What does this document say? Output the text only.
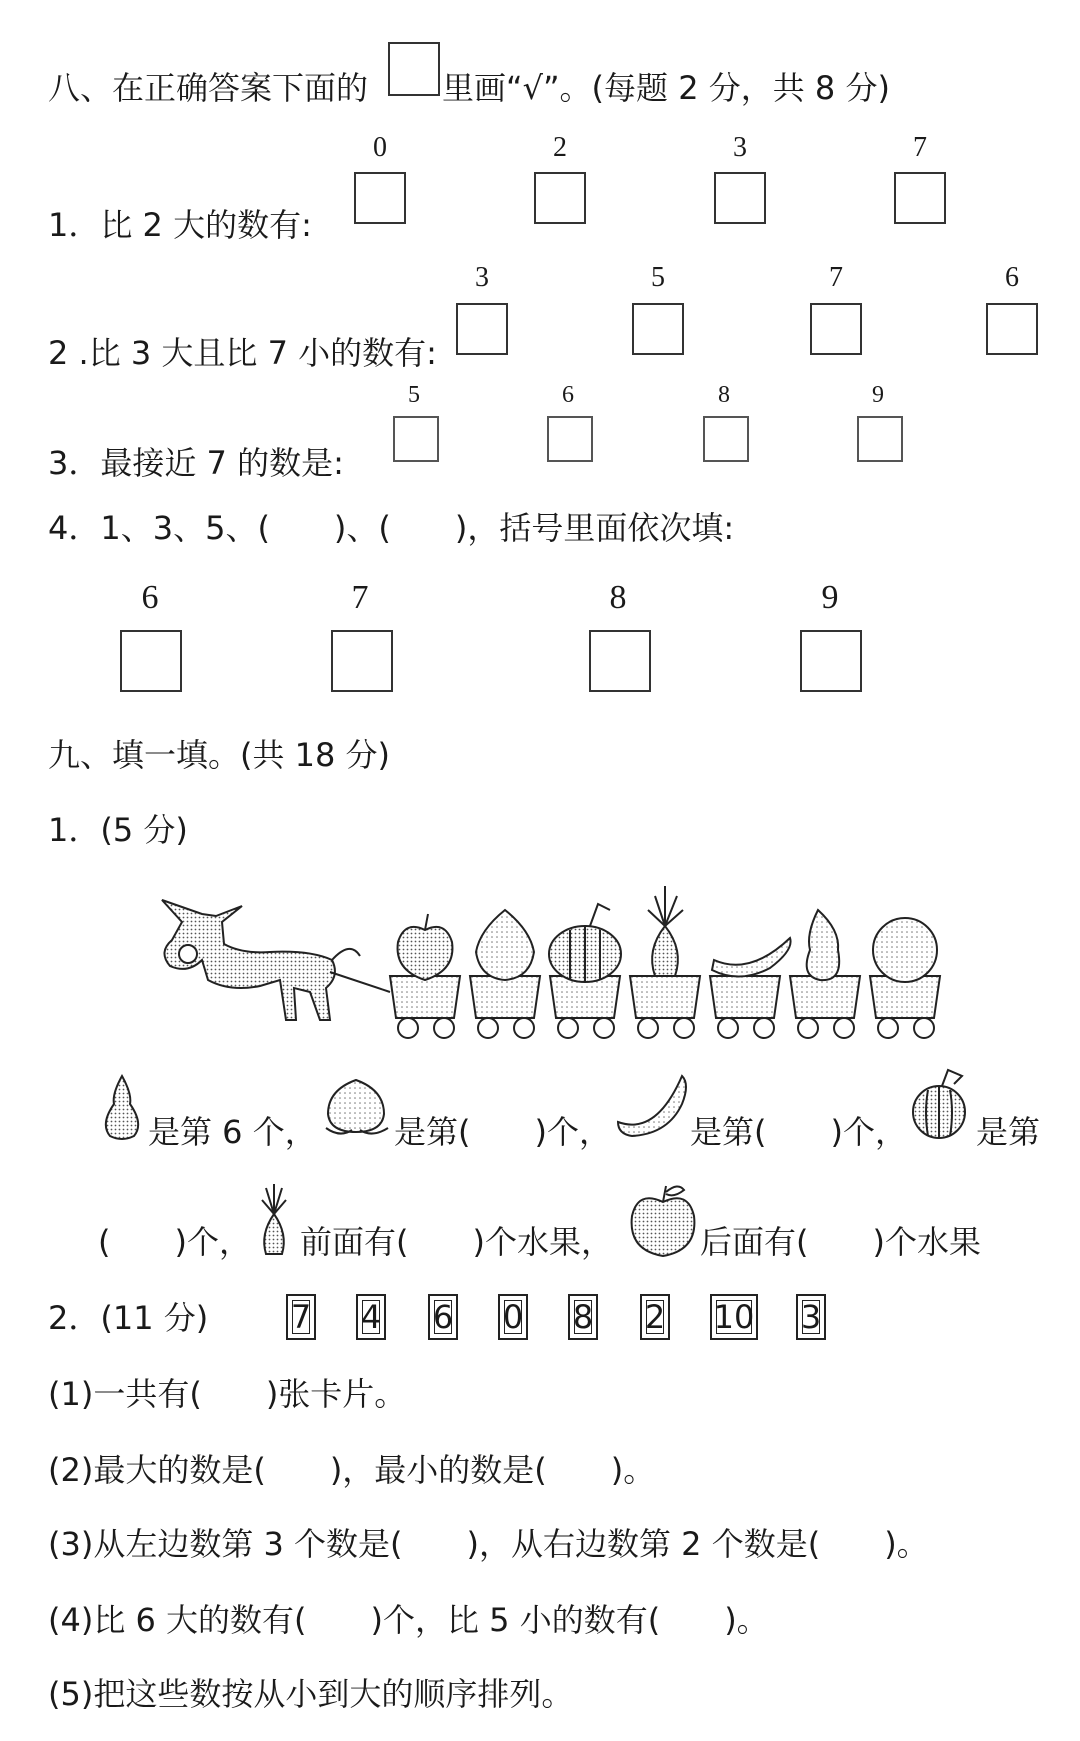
八、在正确答案下面的 里画“√”。(每题 2 分，共 8 分)
1．比 2 大的数有:
0	2	3	7
2 .比 3 大且比 7 小的数有:
3	5	7	6
3．最接近 7 的数是:
5	6	8	9
4．1、3、5、(　　)、(　　)，括号里面依次填:
6	7	8	9
九、填一填。(共 18 分)
1．(5 分)
是第 6 个， 是第(　　)个， 是第(　　)个， 是第
(　　)个， 前面有(　　)个水果，	后面有(　　)个水果
2．(11 分)	7 4 6 0 8 2 10 3
(1)一共有(　　)张卡片。
(2)最大的数是(　　)，最小的数是(　　)。
(3)从左边数第 3 个数是(　　)，从右边数第 2 个数是(　　)。
(4)比 6 大的数有(　　)个，比 5 小的数有(　　)。
(5)把这些数按从小到大的顺序排列。
